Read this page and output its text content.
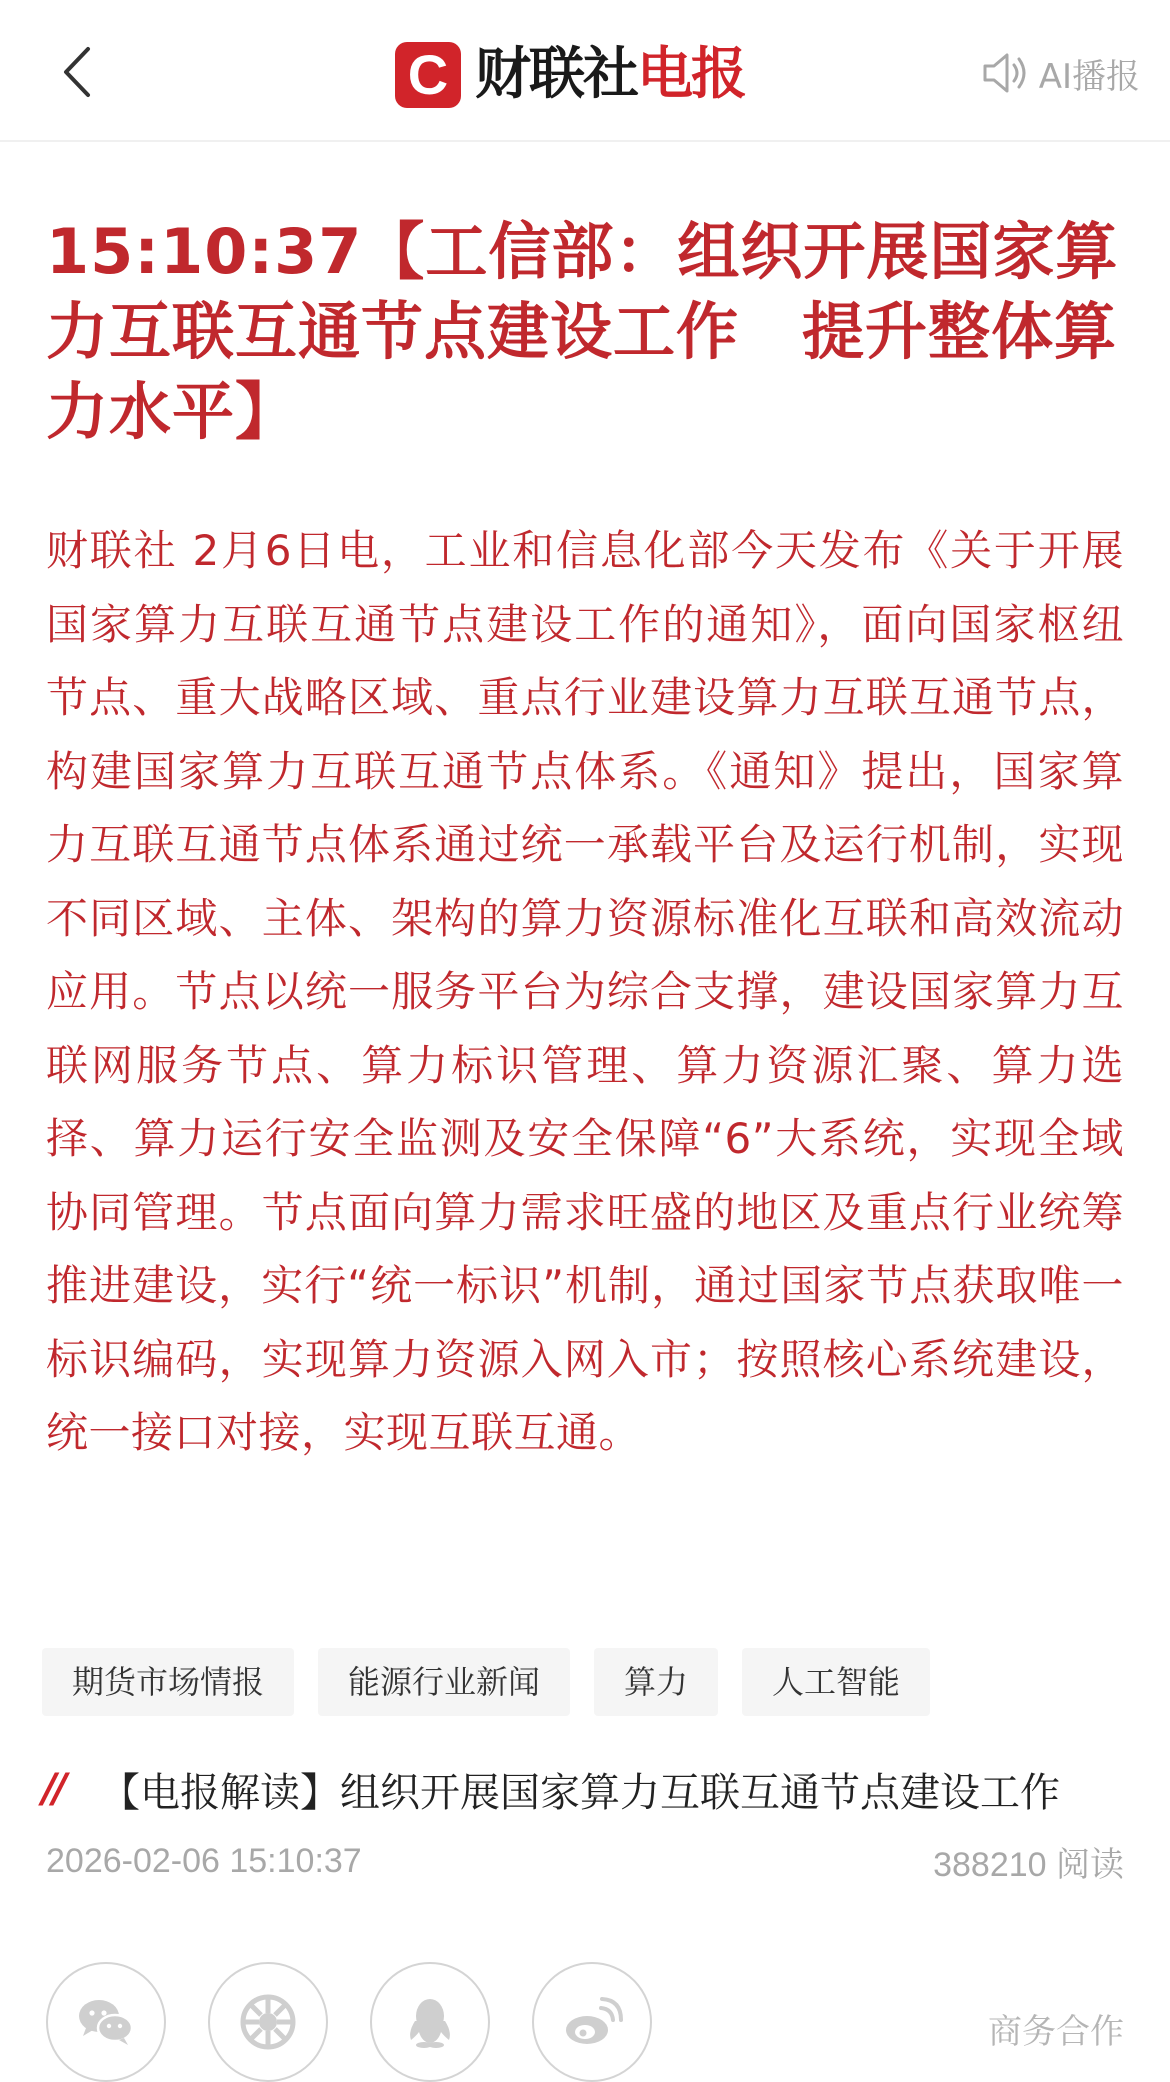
C 财联社电报	AI播报
15:10:37【工信部：组织开展国家算力互联互通节点建设工作　提升整体算力水平】

财联社 2月6日电，工业和信息化部今天发布《关于开展国家算力互联互通节点建设工作的通知》，面向国家枢纽节点、重大战略区域、重点行业建设算力互联互通节点，构建国家算力互联互通节点体系。《通知》提出，国家算力互联互通节点体系通过统一承载平台及运行机制，实现不同区域、主体、架构的算力资源标准化互联和高效流动应用。节点以统一服务平台为综合支撑，建设国家算力互联网服务节点、算力标识管理、算力资源汇聚、算力选择、算力运行安全监测及安全保障“6”大系统，实现全域协同管理。节点面向算力需求旺盛的地区及重点行业统筹推进建设，实行“统一标识”机制，通过国家节点获取唯一标识编码，实现算力资源入网入市；按照核心系统建设，统一接口对接，实现互联互通。

期货市场情报	能源行业新闻	算力	人工智能
// 【电报解读】组织开展国家算力互联互通节点建设工作
2026-02-06 15:10:37	388210 阅读
商务合作
